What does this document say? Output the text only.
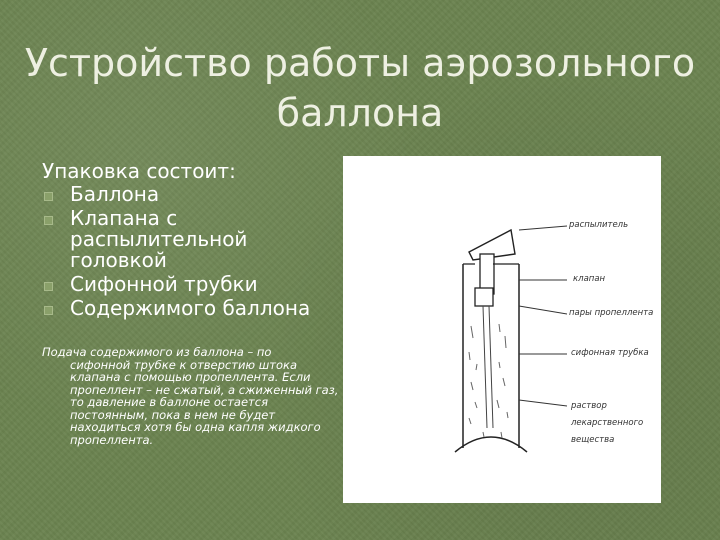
Устройство работы аэрозольного
баллона

Упаковка состоит:

Баллона
Клапана с распылительной головкой
Сифонной трубки
Содержимого баллона
Подача содержимого из баллона – по
сифонной трубке к отверстию штока клапана с помощью пропеллента. Если пропеллент – не сжатый, а сжиженный газ, то давление в баллоне остается постоянным, пока в нем не будет находиться хотя бы одна капля жидкого пропеллента.
распылитель
клапан
пары пропеллента
сифонная трубка
раствор лекарственного вещества
